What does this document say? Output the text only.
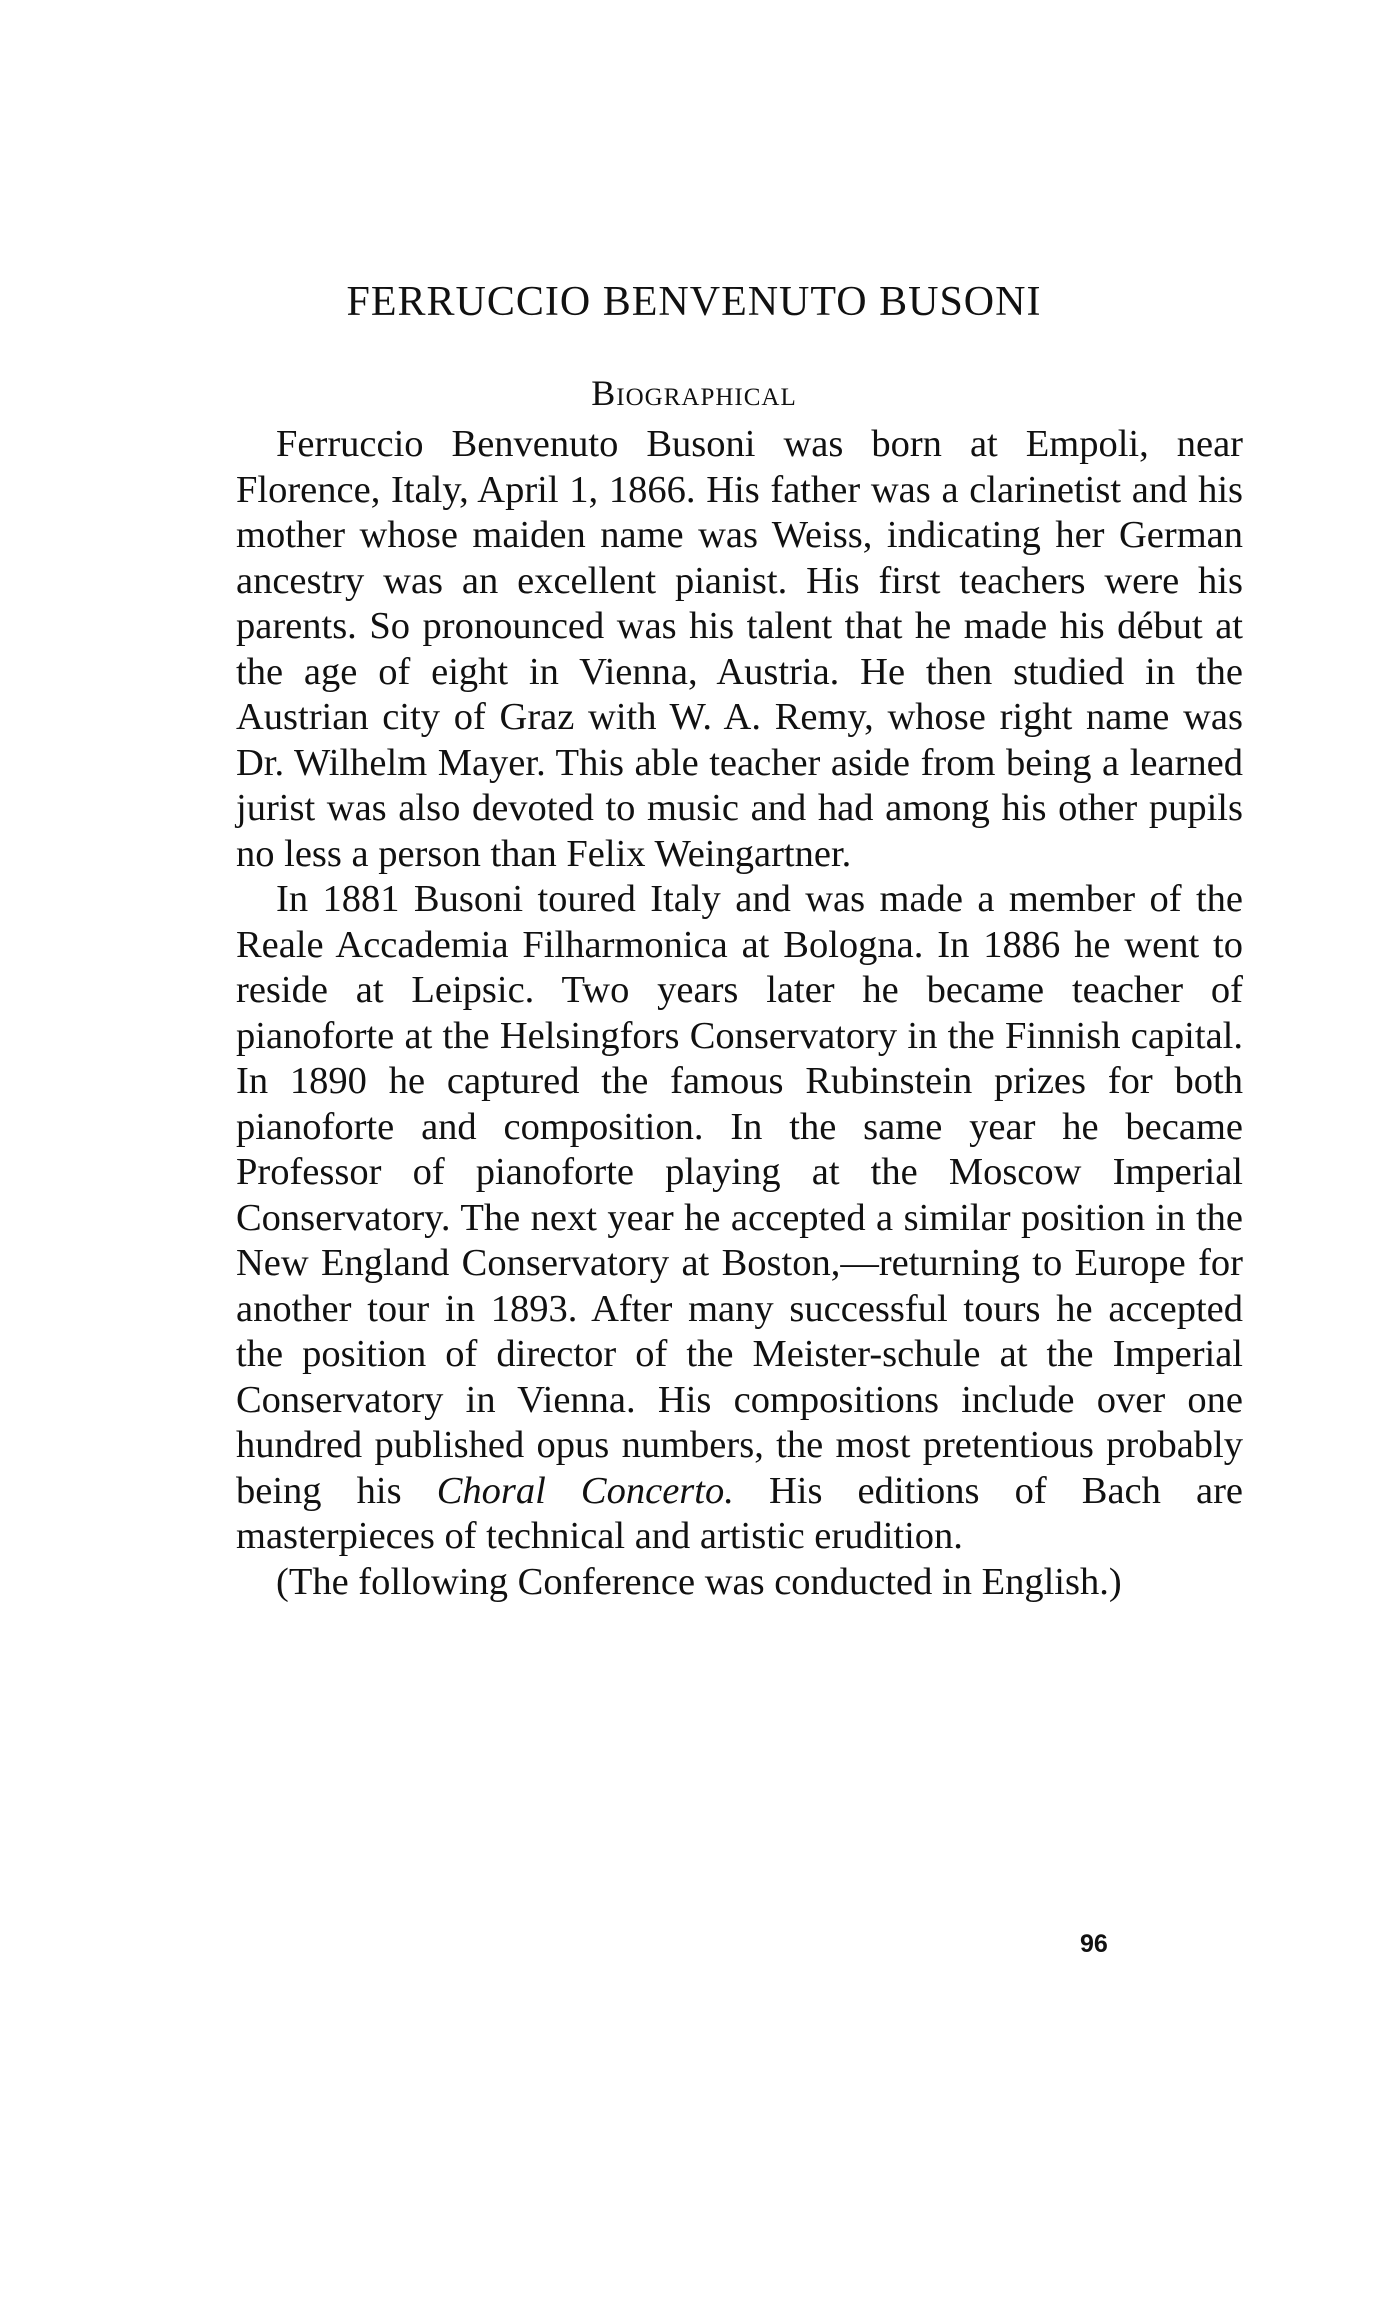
FERRUCCIO BENVENUTO BUSONI
Biographical

Ferruccio Benvenuto Busoni was born at Empoli, near Florence, Italy, April 1, 1866. His father was a clarinetist and his mother whose maiden name was Weiss, indicating her German ancestry was an excellent pianist. His first teachers were his parents. So pronounced was his talent that he made his début at the age of eight in Vienna, Austria. He then studied in the Austrian city of Graz with W. A. Remy, whose right name was Dr. Wilhelm Mayer. This able teacher aside from being a learned jurist was also devoted to music and had among his other pupils no less a person than Felix Weingartner.

In 1881 Busoni toured Italy and was made a member of the Reale Accademia Filharmonica at Bologna. In 1886 he went to reside at Leipsic. Two years later he became teacher of pianoforte at the Helsingfors Conservatory in the Finnish capital. In 1890 he captured the famous Rubinstein prizes for both pianoforte and composition. In the same year he became Professor of pianoforte playing at the Moscow Imperial Conservatory. The next year he accepted a similar position in the New England Conservatory at Boston,—returning to Europe for another tour in 1893. After many successful tours he accepted the position of director of the Meister-schule at the Imperial Conservatory in Vienna. His compositions include over one hundred published opus numbers, the most pretentious probably being his Choral Concerto. His editions of Bach are masterpieces of technical and artistic erudition.

(The following Conference was conducted in English.)

96
